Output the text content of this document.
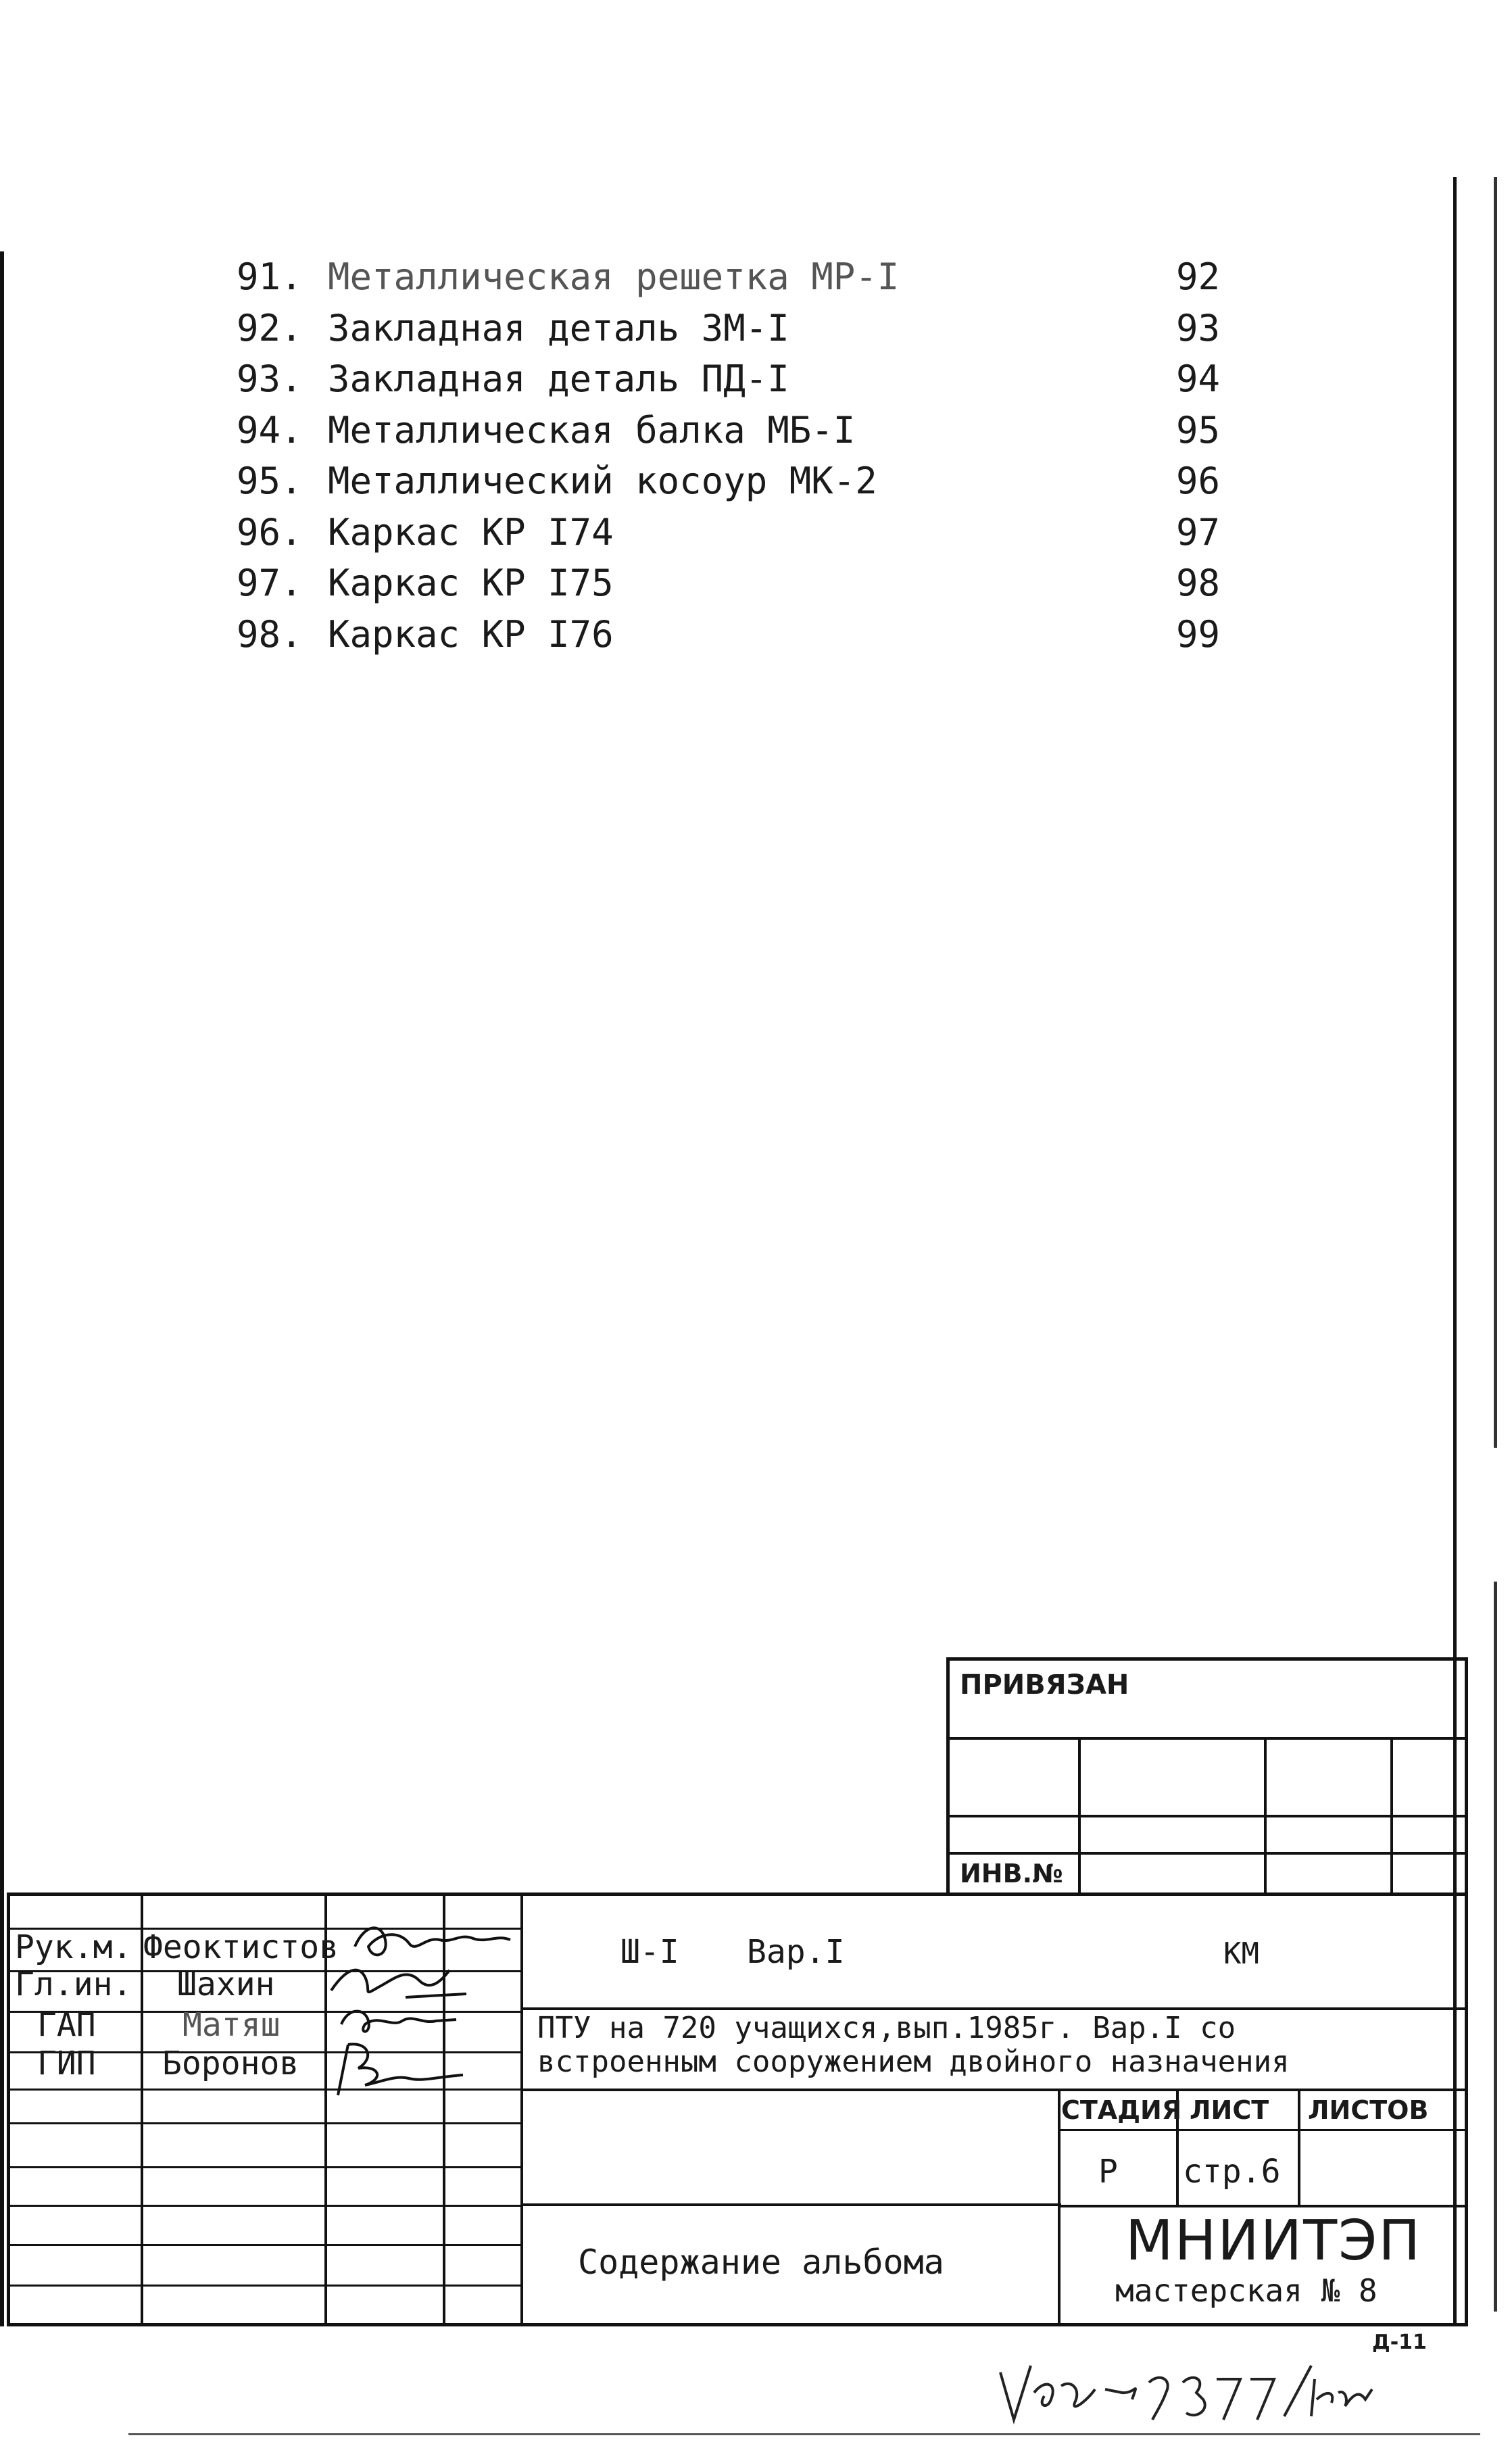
91. Металлическая решетка МР-I	92
92. Закладная деталь ЗМ-I	93
93. Закладная деталь ПД-I	94
94. Металлическая балка МБ-I	95
95. Металлический косоур МК-2	96
96. Каркас КР I74	97
97. Каркас КР I75	98
98. Каркас КР I76	99
ПРИВЯЗАН
ИНВ.№
Рук.м. Феоктистов
Гл.ин. Шахин
ГАП	Матяш
ГИП Боронов
Ш-I Вар.I	КМ
ПТУ на 720 учащихся,вып.1985г. Вар.I со
встроенным сооружением двойного назначения
СТАДИЯ ЛИСТ ЛИСТОВ
Р стр.6
Содержание альбома	МНИИТЭП
мастерская № 8
Д-11
